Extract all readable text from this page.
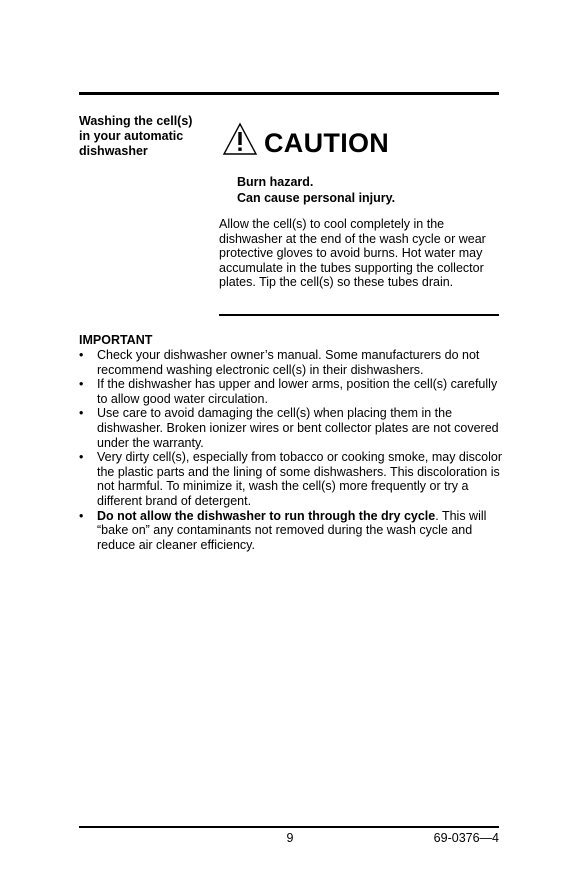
Washing the cell(s)
in your automatic
dishwasher	CAUTION
Burn hazard.
Can cause personal injury.
Allow the cell(s) to cool completely in the dishwasher at the end of the wash cycle or wear protective gloves to avoid burns. Hot water may accumulate in the tubes supporting the collector plates. Tip the cell(s) so these tubes drain.
IMPORTANT
• Check your dishwasher owner’s manual. Some manufacturers do not recommend washing electronic cell(s) in their dishwashers.
• If the dishwasher has upper and lower arms, position the cell(s) carefully to allow good water circulation.
• Use care to avoid damaging the cell(s) when placing them in the dishwasher. Broken ionizer wires or bent collector plates are not covered under the warranty.
• Very dirty cell(s), especially from tobacco or cooking smoke, may discolor the plastic parts and the lining of some dishwashers. This discoloration is not harmful. To minimize it, wash the cell(s) more frequently or try a different brand of detergent.
• Do not allow the dishwasher to run through the dry cycle. This will “bake on” any contaminants not removed during the wash cycle and reduce air cleaner efficiency.
9	69-0376—4
